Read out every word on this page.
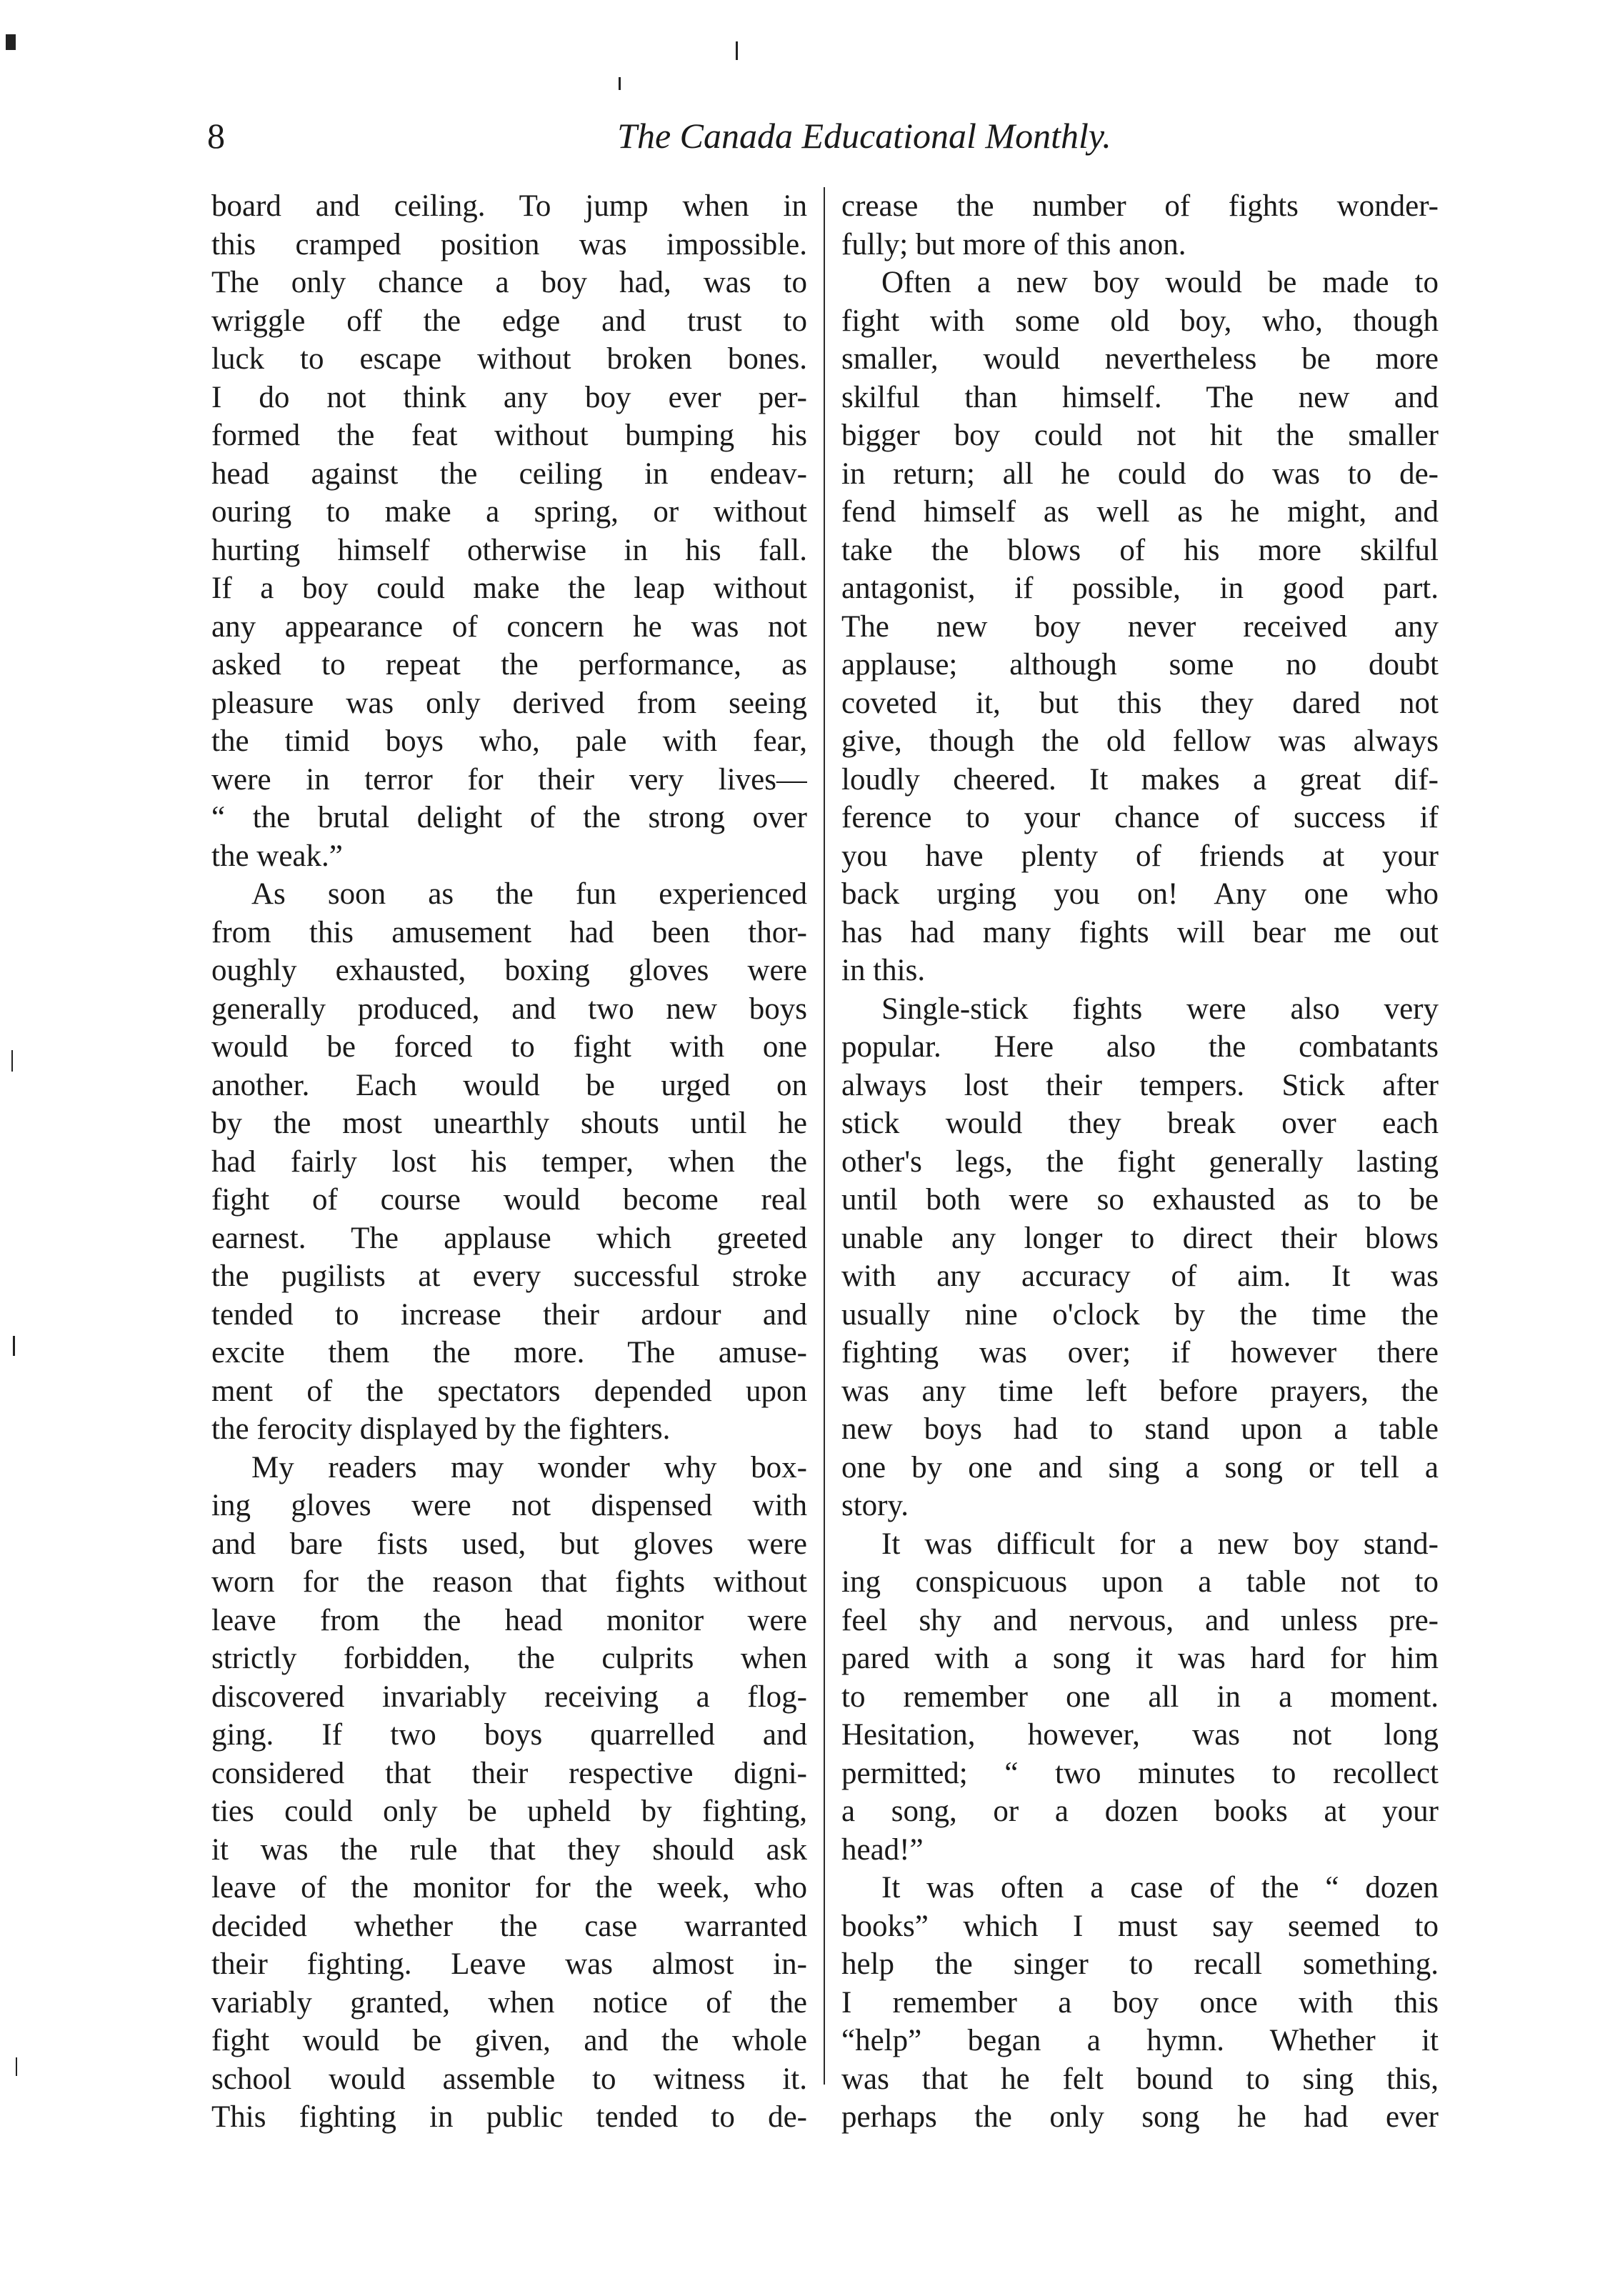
8	The Canada Educational Monthly.
board and ceiling. To jump when in
this cramped position was impossible.
The only chance a boy had, was to
wriggle off the edge and trust to
luck to escape without broken bones.
I do not think any boy ever per-
formed the feat without bumping his
head against the ceiling in endeav-
ouring to make a spring, or without
hurting himself otherwise in his fall.
If a boy could make the leap without
any appearance of concern he was not
asked to repeat the performance, as
pleasure was only derived from seeing
the timid boys who, pale with fear,
were in terror for their very lives—
“ the brutal delight of the strong over
the weak.”
As soon as the fun experienced
from this amusement had been thor-
oughly exhausted, boxing gloves were
generally produced, and two new boys
would be forced to fight with one
another. Each would be urged on
by the most unearthly shouts until he
had fairly lost his temper, when the
fight of course would become real
earnest. The applause which greeted
the pugilists at every successful stroke
tended to increase their ardour and
excite them the more. The amuse-
ment of the spectators depended upon
the ferocity displayed by the fighters.
My readers may wonder why box-
ing gloves were not dispensed with
and bare fists used, but gloves were
worn for the reason that fights without
leave from the head monitor were
strictly forbidden, the culprits when
discovered invariably receiving a flog-
ging. If two boys quarrelled and
considered that their respective digni-
ties could only be upheld by fighting,
it was the rule that they should ask
leave of the monitor for the week, who
decided whether the case warranted
their fighting. Leave was almost in-
variably granted, when notice of the
fight would be given, and the whole
school would assemble to witness it.
This fighting in public tended to de-
crease the number of fights wonder-
fully; but more of this anon.
Often a new boy would be made to
fight with some old boy, who, though
smaller, would nevertheless be more
skilful than himself. The new and
bigger boy could not hit the smaller
in return; all he could do was to de-
fend himself as well as he might, and
take the blows of his more skilful
antagonist, if possible, in good part.
The new boy never received any
applause; although some no doubt
coveted it, but this they dared not
give, though the old fellow was always
loudly cheered. It makes a great dif-
ference to your chance of success if
you have plenty of friends at your
back urging you on! Any one who
has had many fights will bear me out
in this.
Single-stick fights were also very
popular. Here also the combatants
always lost their tempers. Stick after
stick would they break over each
other's legs, the fight generally lasting
until both were so exhausted as to be
unable any longer to direct their blows
with any accuracy of aim. It was
usually nine o'clock by the time the
fighting was over; if however there
was any time left before prayers, the
new boys had to stand upon a table
one by one and sing a song or tell a
story.
It was difficult for a new boy stand-
ing conspicuous upon a table not to
feel shy and nervous, and unless pre-
pared with a song it was hard for him
to remember one all in a moment.
Hesitation, however, was not long
permitted; “ two minutes to recollect
a song, or a dozen books at your
head!”
It was often a case of the “ dozen
books” which I must say seemed to
help the singer to recall something.
I remember a boy once with this
“help” began a hymn. Whether it
was that he felt bound to sing this,
perhaps the only song he had ever
